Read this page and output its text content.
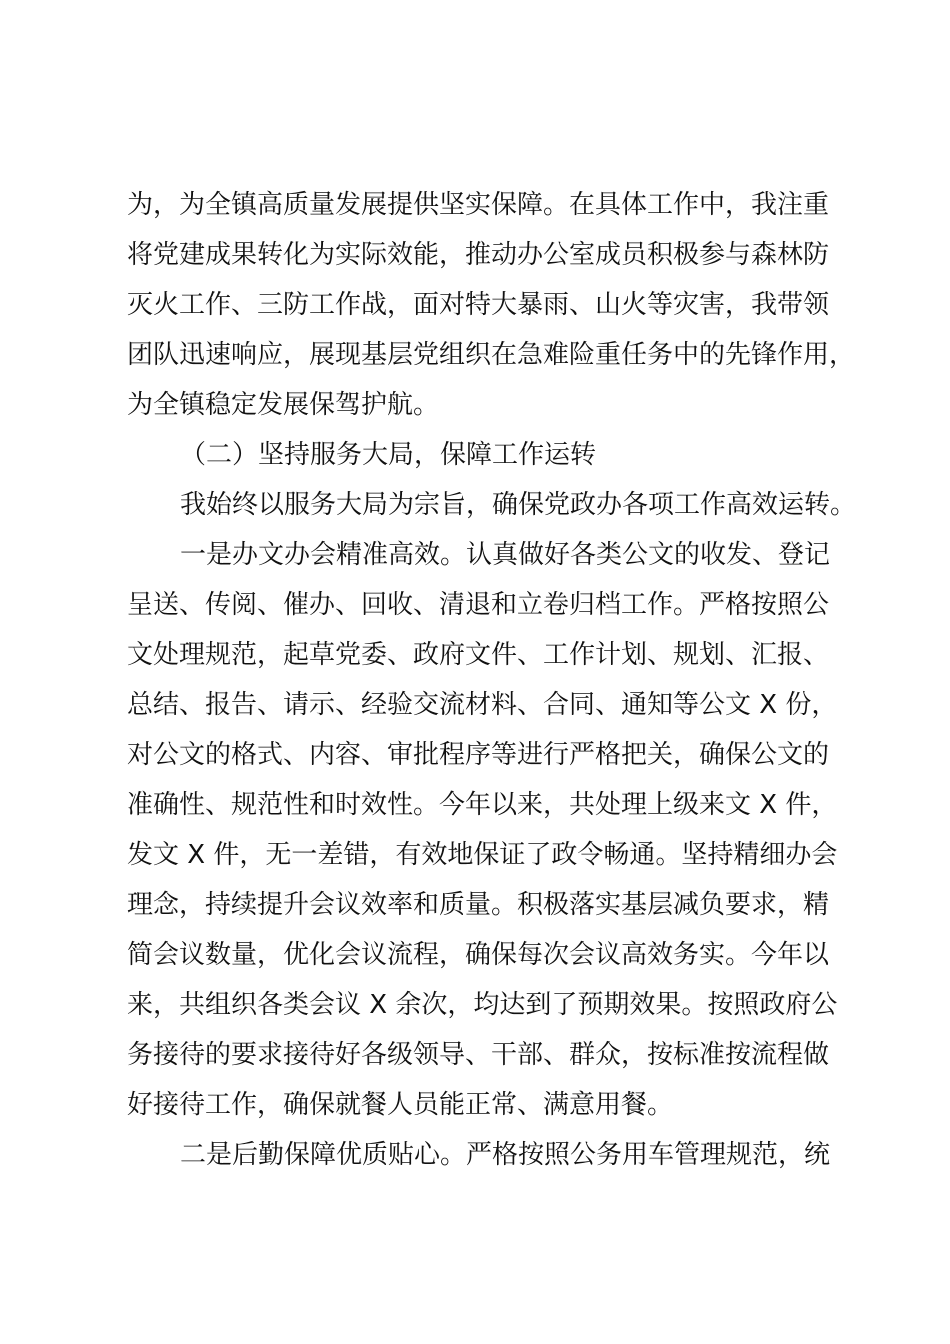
为，为全镇高质量发展提供坚实保障。在具体工作中，我注重
将党建成果转化为实际效能，推动办公室成员积极参与森林防
灭火工作、三防工作战，面对特大暴雨、山火等灾害，我带领
团队迅速响应，展现基层党组织在急难险重任务中的先锋作用，
为全镇稳定发展保驾护航。
（二）坚持服务大局，保障工作运转
我始终以服务大局为宗旨，确保党政办各项工作高效运转。
一是办文办会精准高效。认真做好各类公文的收发、登记
呈送、传阅、催办、回收、清退和立卷归档工作。严格按照公
文处理规范，起草党委、政府文件、工作计划、规划、汇报、
总结、报告、请示、经验交流材料、合同、通知等公文 X 份，
对公文的格式、内容、审批程序等进行严格把关，确保公文的
准确性、规范性和时效性。今年以来，共处理上级来文 X 件，
发文 X 件，无一差错，有效地保证了政令畅通。坚持精细办会
理念，持续提升会议效率和质量。积极落实基层减负要求，精
简会议数量，优化会议流程，确保每次会议高效务实。今年以
来，共组织各类会议 X 余次，均达到了预期效果。按照政府公
务接待的要求接待好各级领导、干部、群众，按标准按流程做
好接待工作，确保就餐人员能正常、满意用餐。
二是后勤保障优质贴心。严格按照公务用车管理规范，统
